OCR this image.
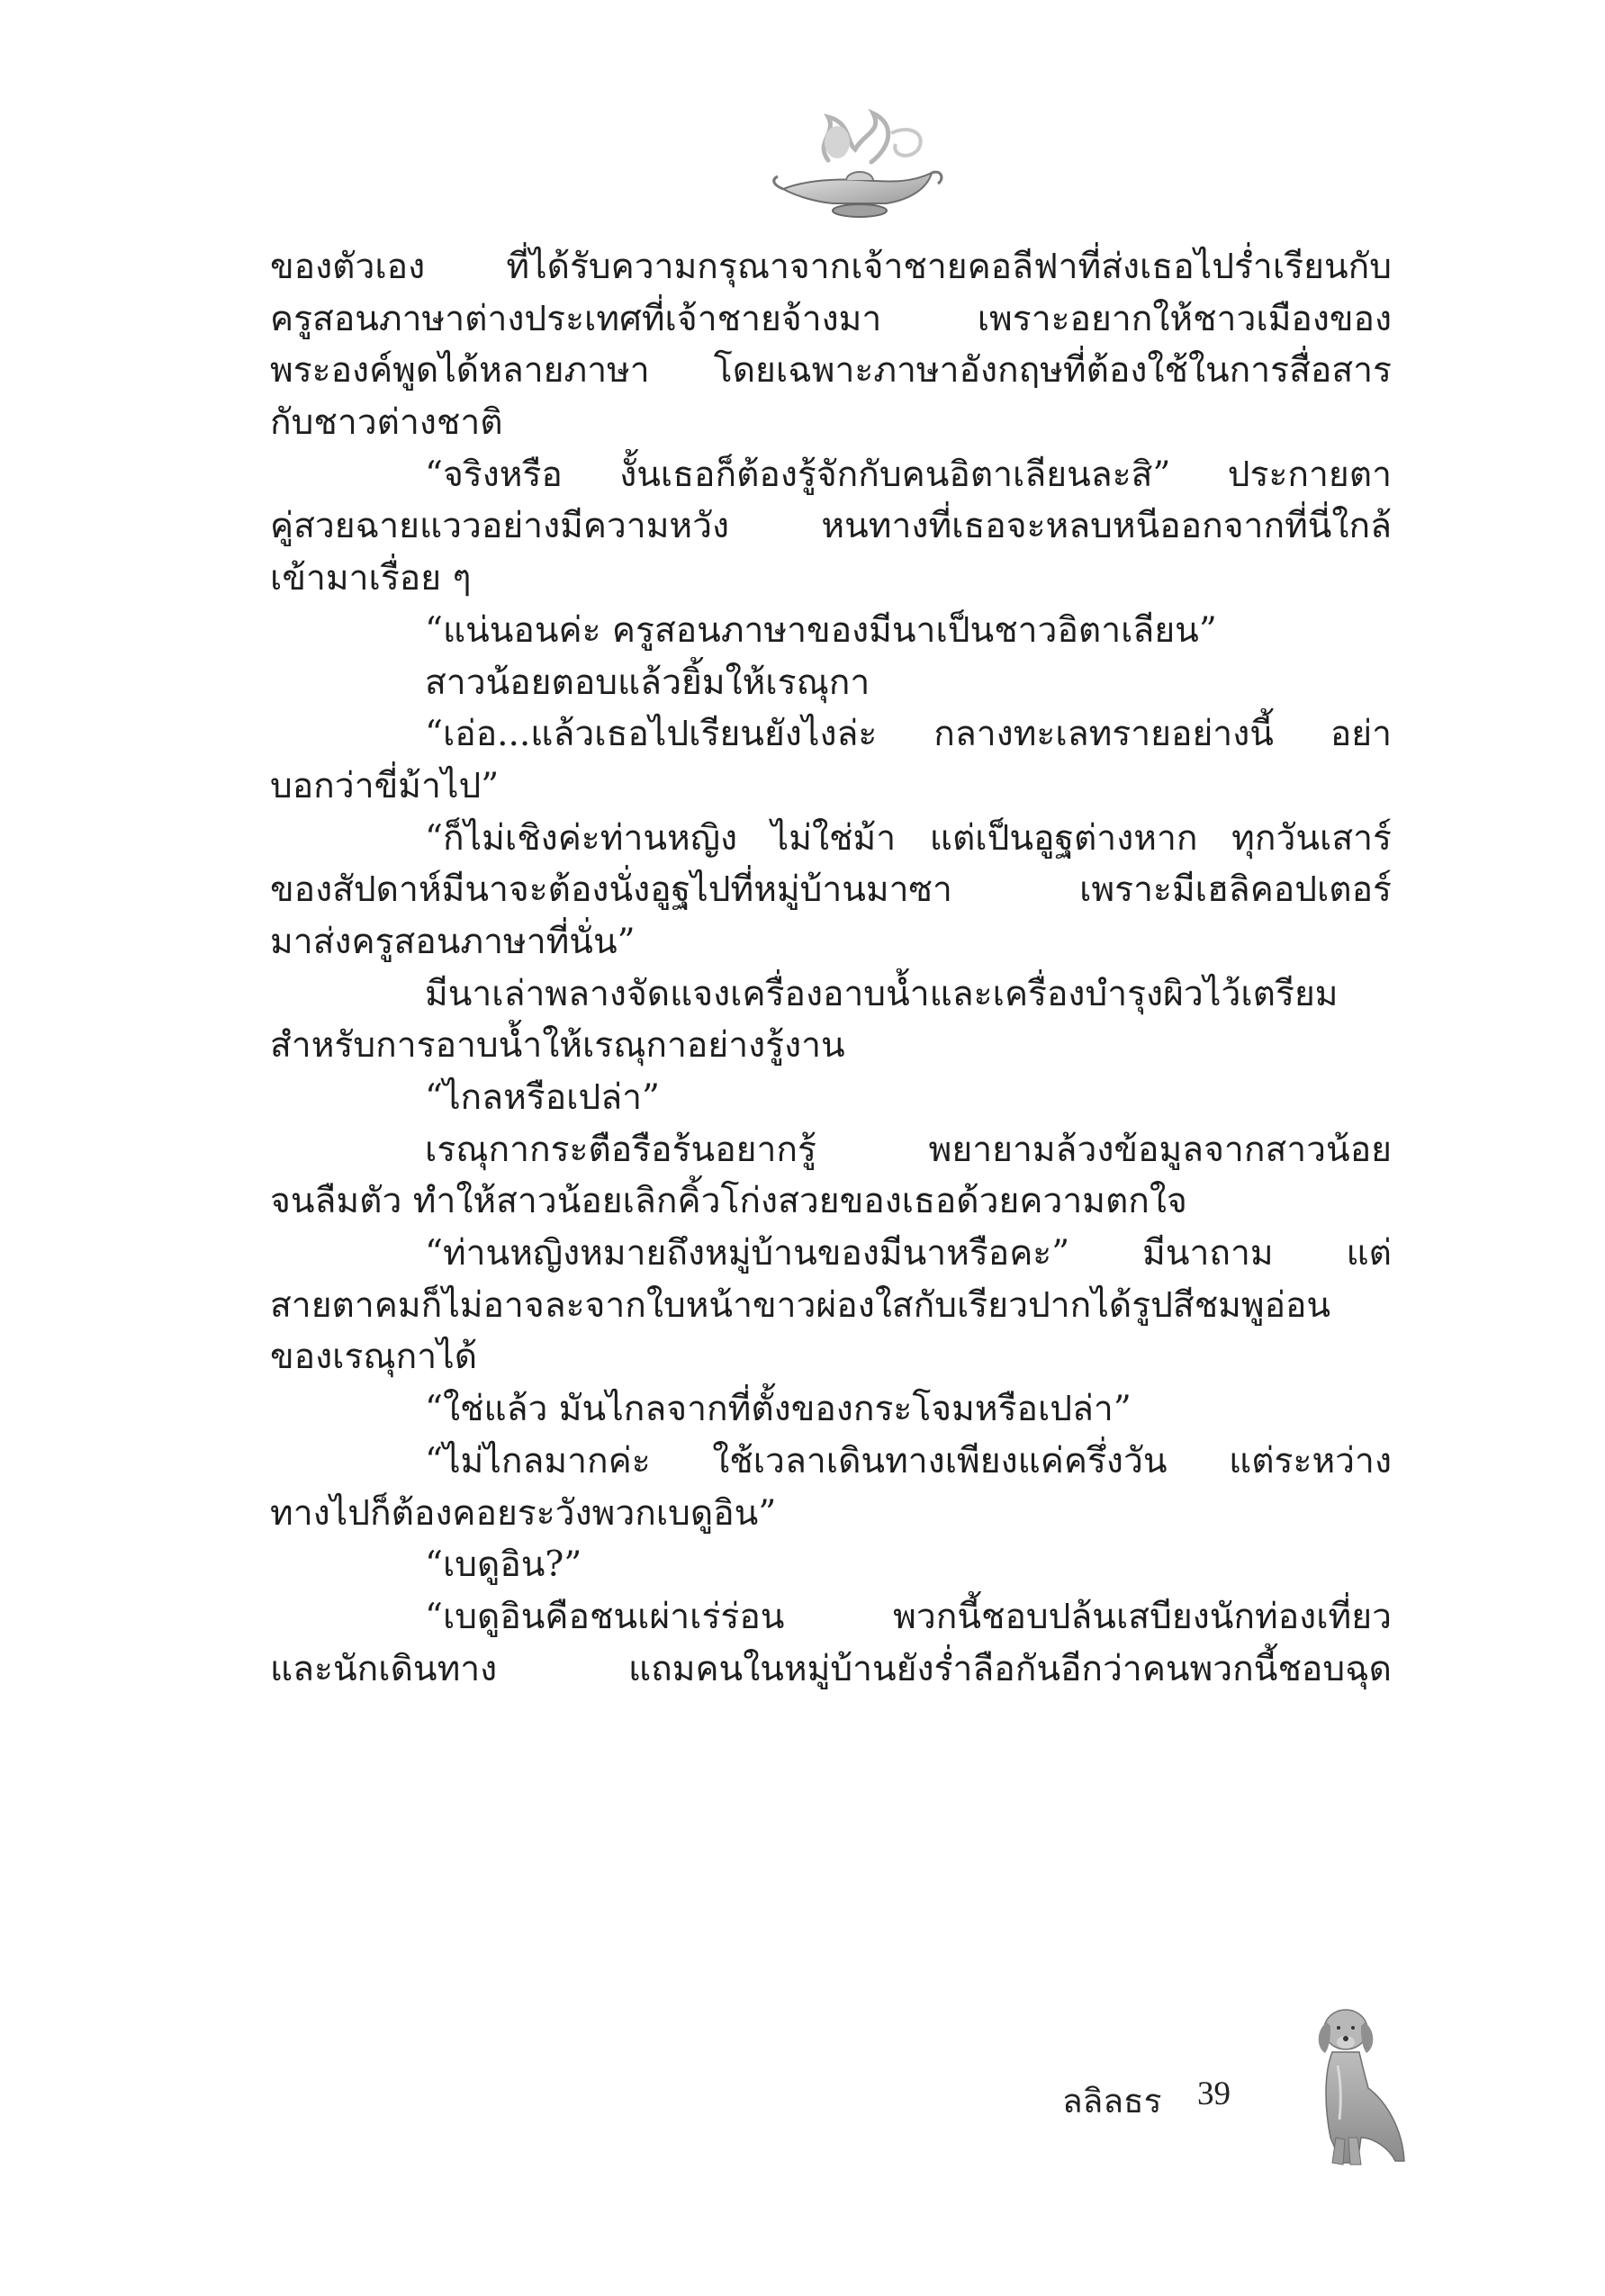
ของตัวเอง ที่ได้รับความกรุณาจากเจ้าชายคอลีฟาที่ส่งเธอไปร่ำเรียนกับ
ครูสอนภาษาต่างประเทศที่เจ้าชายจ้างมา เพราะอยากให้ชาวเมืองของ
พระองค์พูดได้หลายภาษา โดยเฉพาะภาษาอังกฤษที่ต้องใช้ในการสื่อสาร
กับชาวต่างชาติ
“จริงหรือ งั้นเธอก็ต้องรู้จักกับคนอิตาเลียนละสิ” ประกายตา
คู่สวยฉายแววอย่างมีความหวัง หนทางที่เธอจะหลบหนีออกจากที่นี่ใกล้
เข้ามาเรื่อย ๆ
“แน่นอนค่ะ ครูสอนภาษาของมีนาเป็นชาวอิตาเลียน”
สาวน้อยตอบแล้วยิ้มให้เรณุกา
“เอ่อ...แล้วเธอไปเรียนยังไงล่ะ กลางทะเลทรายอย่างนี้ อย่า
บอกว่าขี่ม้าไป”
“ก็ไม่เชิงค่ะท่านหญิง ไม่ใช่ม้า แต่เป็นอูฐต่างหาก ทุกวันเสาร์
ของสัปดาห์มีนาจะต้องนั่งอูฐไปที่หมู่บ้านมาซา เพราะมีเฮลิคอปเตอร์
มาส่งครูสอนภาษาที่นั่น”
มีนาเล่าพลางจัดแจงเครื่องอาบน้ำและเครื่องบำรุงผิวไว้เตรียม
สำหรับการอาบน้ำให้เรณุกาอย่างรู้งาน
“ไกลหรือเปล่า”
เรณุกากระตือรือร้นอยากรู้ พยายามล้วงข้อมูลจากสาวน้อย
จนลืมตัว ทำให้สาวน้อยเลิกคิ้วโก่งสวยของเธอด้วยความตกใจ
“ท่านหญิงหมายถึงหมู่บ้านของมีนาหรือคะ” มีนาถาม แต่
สายตาคมก็ไม่อาจละจากใบหน้าขาวผ่องใสกับเรียวปากได้รูปสีชมพูอ่อน
ของเรณุกาได้
“ใช่แล้ว มันไกลจากที่ตั้งของกระโจมหรือเปล่า”
“ไม่ไกลมากค่ะ ใช้เวลาเดินทางเพียงแค่ครึ่งวัน แต่ระหว่าง
ทางไปก็ต้องคอยระวังพวกเบดูอิน”
“เบดูอิน?”
“เบดูอินคือชนเผ่าเร่ร่อน พวกนี้ชอบปล้นเสบียงนักท่องเที่ยว
และนักเดินทาง แถมคนในหมู่บ้านยังร่ำลือกันอีกว่าคนพวกนี้ชอบฉุด
ลลิลธร 39
